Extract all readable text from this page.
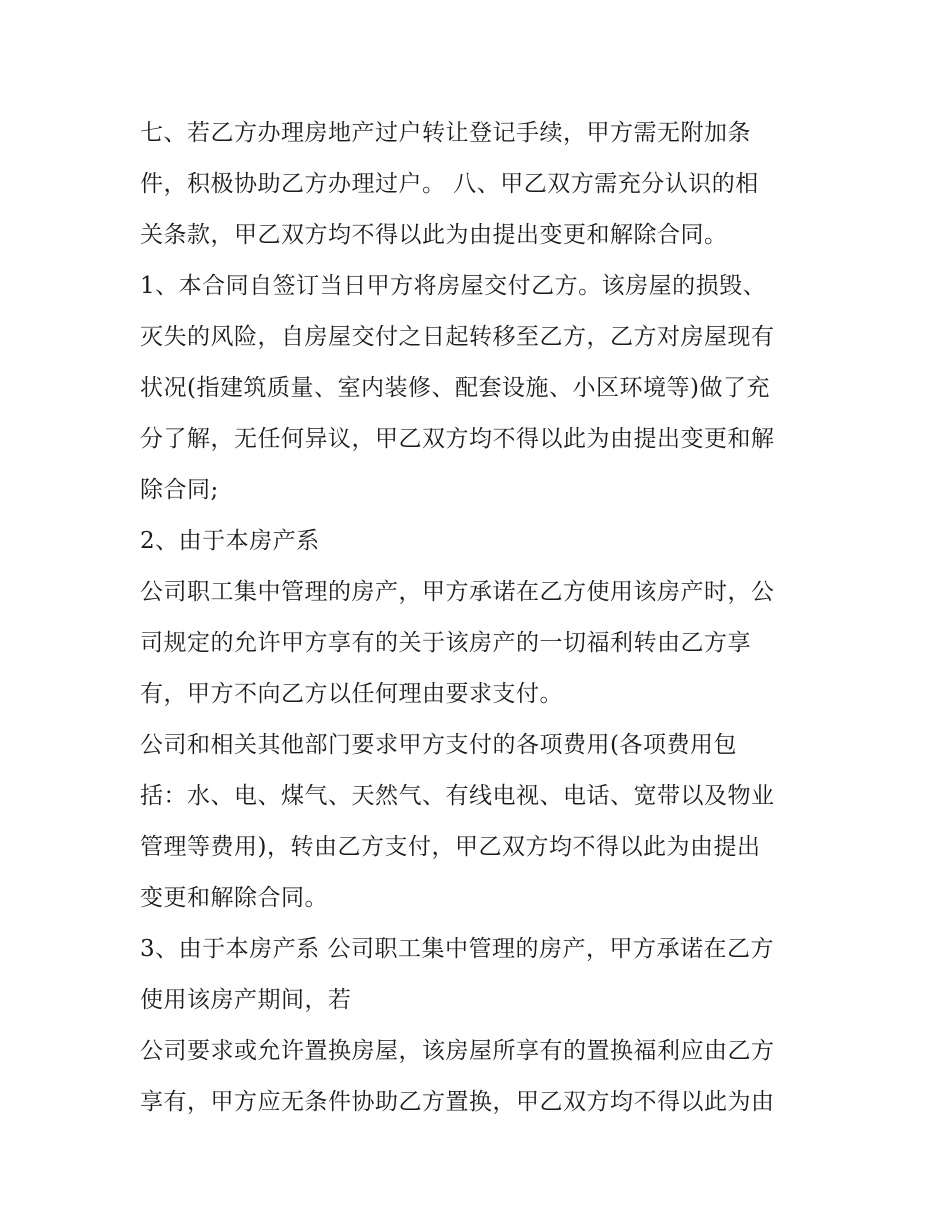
七、若乙方办理房地产过户转让登记手续，甲方需无附加条
件，积极协助乙方办理过户。 八、甲乙双方需充分认识的相
关条款，甲乙双方均不得以此为由提出变更和解除合同。
1、本合同自签订当日甲方将房屋交付乙方。该房屋的损毁、
灭失的风险，自房屋交付之日起转移至乙方，乙方对房屋现有
状况(指建筑质量、室内装修、配套设施、小区环境等)做了充
分了解，无任何异议，甲乙双方均不得以此为由提出变更和解
除合同;
2、由于本房产系
公司职工集中管理的房产，甲方承诺在乙方使用该房产时，公
司规定的允许甲方享有的关于该房产的一切福利转由乙方享
有，甲方不向乙方以任何理由要求支付。
公司和相关其他部门要求甲方支付的各项费用(各项费用包
括：水、电、煤气、天然气、有线电视、电话、宽带以及物业
管理等费用)，转由乙方支付，甲乙双方均不得以此为由提出
变更和解除合同。
3、由于本房产系 公司职工集中管理的房产，甲方承诺在乙方
使用该房产期间，若
公司要求或允许置换房屋，该房屋所享有的置换福利应由乙方
享有，甲方应无条件协助乙方置换，甲乙双方均不得以此为由
